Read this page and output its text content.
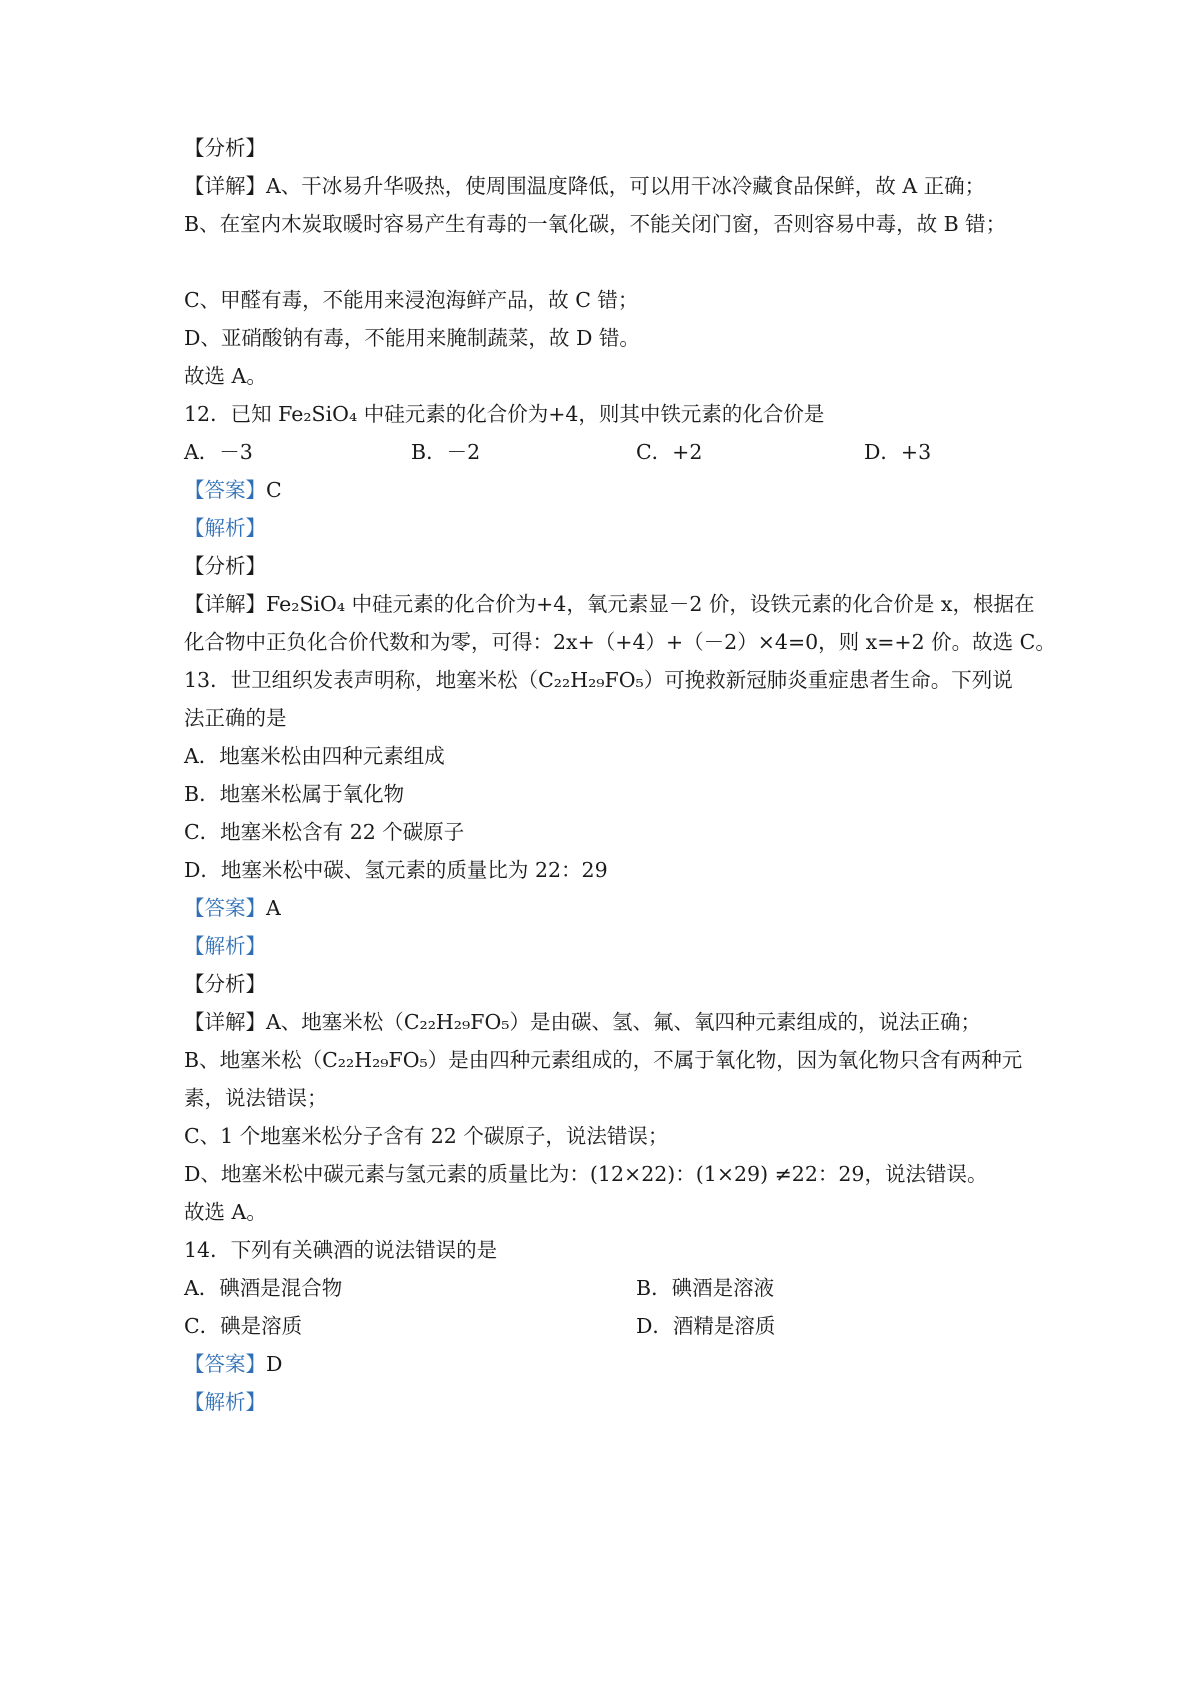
【分析】
【详解】A、干冰易升华吸热，使周围温度降低，可以用干冰冷藏食品保鲜，故 A 正确；
B、在室内木炭取暖时容易产生有毒的一氧化碳，不能关闭门窗，否则容易中毒，故 B 错；
C、甲醛有毒，不能用来浸泡海鲜产品，故 C 错；
D、亚硝酸钠有毒，不能用来腌制蔬菜，故 D 错。
故选 A。
12．已知 Fe₂SiO₄ 中硅元素的化合价为+4，则其中铁元素的化合价是
A．－3	B．－2	C．+2	D．+3
【答案】C
【解析】
【分析】
【详解】Fe₂SiO₄ 中硅元素的化合价为+4，氧元素显－2 价，设铁元素的化合价是 x，根据在
化合物中正负化合价代数和为零，可得：2x+（+4）+（－2）×4=0，则 x=+2 价。故选 C。
13．世卫组织发表声明称，地塞米松（C₂₂H₂₉FO₅）可挽救新冠肺炎重症患者生命。下列说
法正确的是
A．地塞米松由四种元素组成
B．地塞米松属于氧化物
C．地塞米松含有 22 个碳原子
D．地塞米松中碳、氢元素的质量比为 22：29
【答案】A
【解析】
【分析】
【详解】A、地塞米松（C₂₂H₂₉FO₅）是由碳、氢、氟、氧四种元素组成的，说法正确；
B、地塞米松（C₂₂H₂₉FO₅）是由四种元素组成的，不属于氧化物，因为氧化物只含有两种元
素，说法错误；
C、1 个地塞米松分子含有 22 个碳原子，说法错误；
D、地塞米松中碳元素与氢元素的质量比为：(12×22)：(1×29) ≠22：29，说法错误。
故选 A。
14．下列有关碘酒的说法错误的是
A．碘酒是混合物	B．碘酒是溶液
C．碘是溶质	D．酒精是溶质
【答案】D
【解析】
